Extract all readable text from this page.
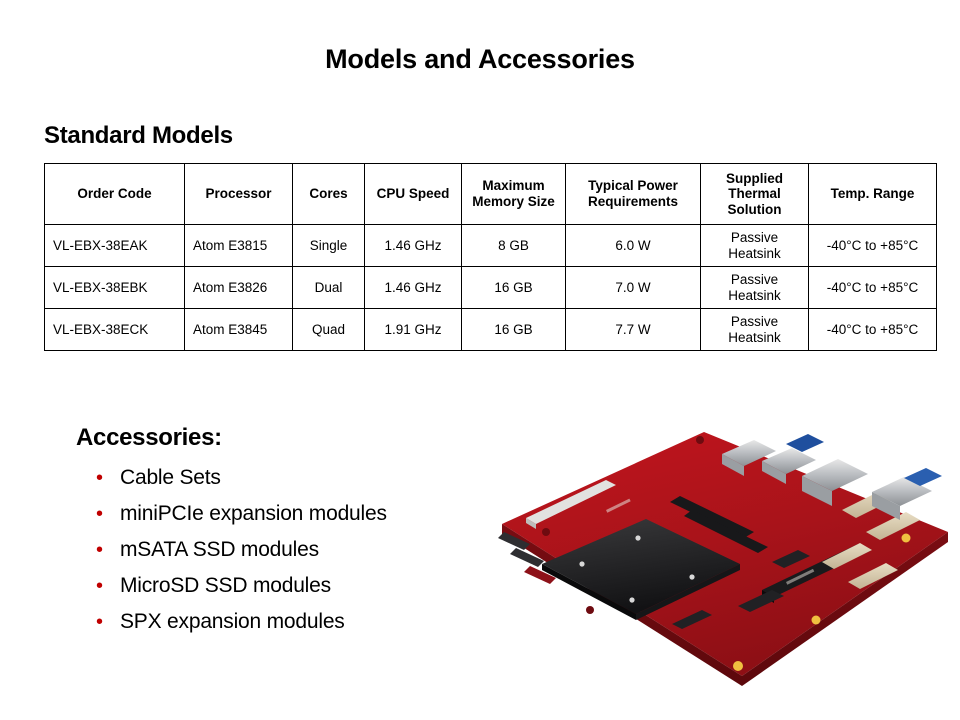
Models and Accessories
Standard Models
Order Code	Processor	Cores	CPU Speed	Maximum Memory Size	Typical Power Requirements	Supplied Thermal Solution	Temp. Range
VL-EBX-38EAK	Atom E3815	Single	1.46 GHz	8 GB	6.0 W	Passive Heatsink	-40°C to +85°C
VL-EBX-38EBK	Atom E3826	Dual	1.46 GHz	16 GB	7.0 W	Passive Heatsink	-40°C to +85°C
VL-EBX-38ECK	Atom E3845	Quad	1.91 GHz	16 GB	7.7 W	Passive Heatsink	-40°C to +85°C
Accessories:
• Cable Sets
• miniPCIe expansion modules
• mSATA SSD modules
• MicroSD SSD modules
• SPX expansion modules
